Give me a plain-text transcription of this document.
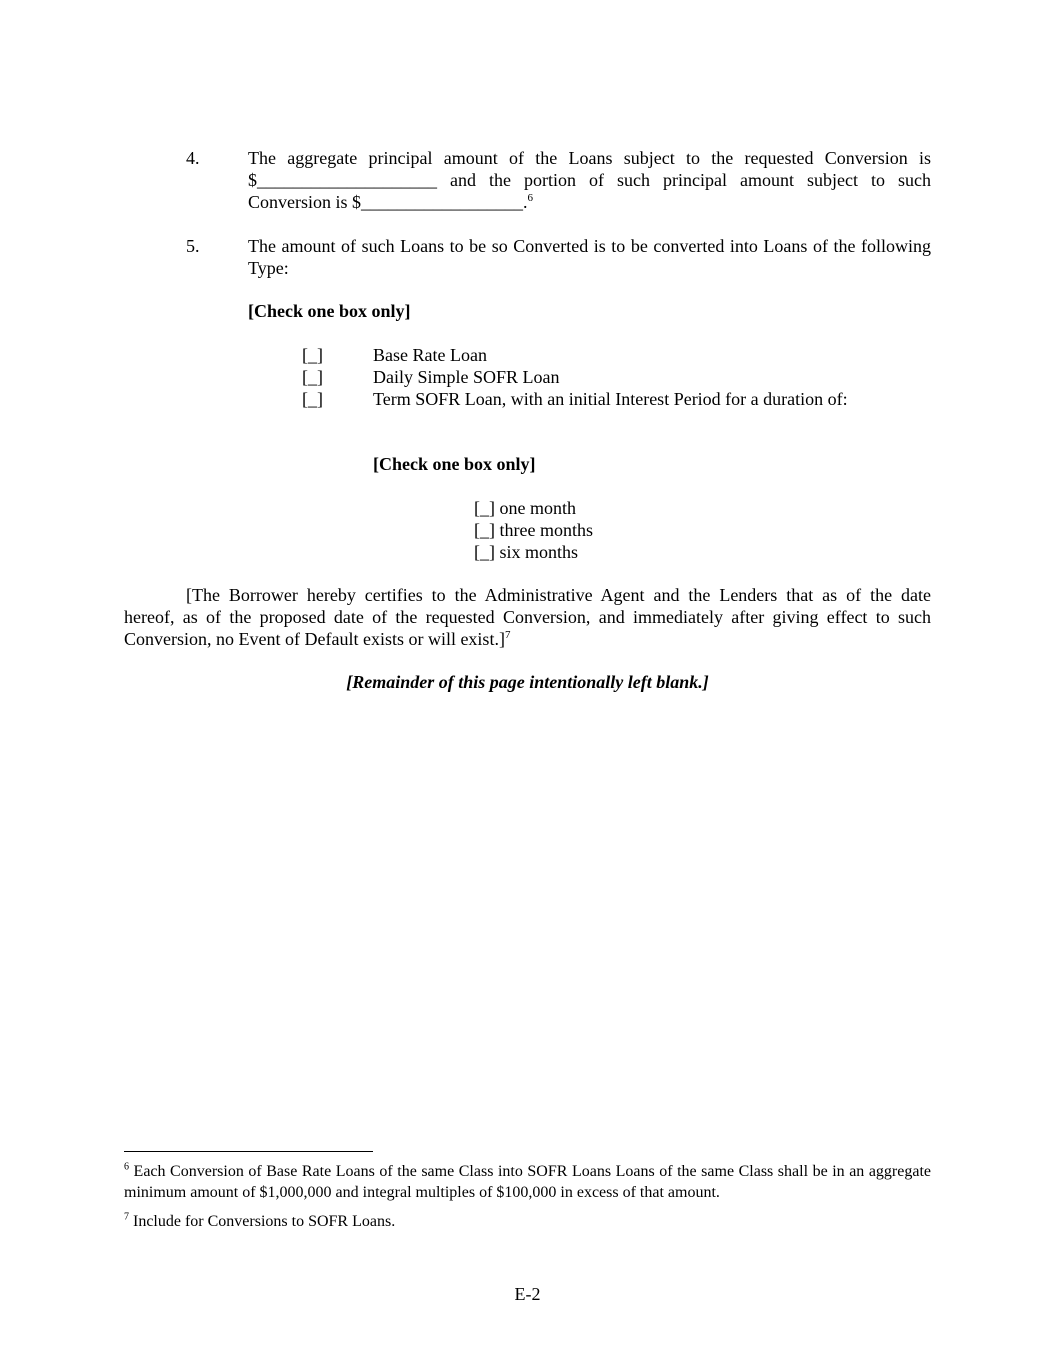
4.	The aggregate principal amount of the Loans subject to the requested Conversion is
$____________________ and the portion of such principal amount subject to such
Conversion is $__________________.$^6$
5.	The amount of such Loans to be so Converted is to be converted into Loans of the following
Type:
[Check one box only]
[_]	Base Rate Loan
[_]	Daily Simple SOFR Loan
[_]	Term SOFR Loan, with an initial Interest Period for a duration of:
[Check one box only]
[_] one month
[_] three months
[_] six months
[The Borrower hereby certifies to the Administrative Agent and the Lenders that as of the date
hereof, as of the proposed date of the requested Conversion, and immediately after giving effect to such
Conversion, no Event of Default exists or will exist.]$^7$
[Remainder of this page intentionally left blank.]
$^6$ Each Conversion of Base Rate Loans of the same Class into SOFR Loans Loans of the same Class shall be in an aggregate minimum amount of $1,000,000 and integral multiples of $100,000 in excess of that amount.
$^7$ Include for Conversions to SOFR Loans.
E-2
